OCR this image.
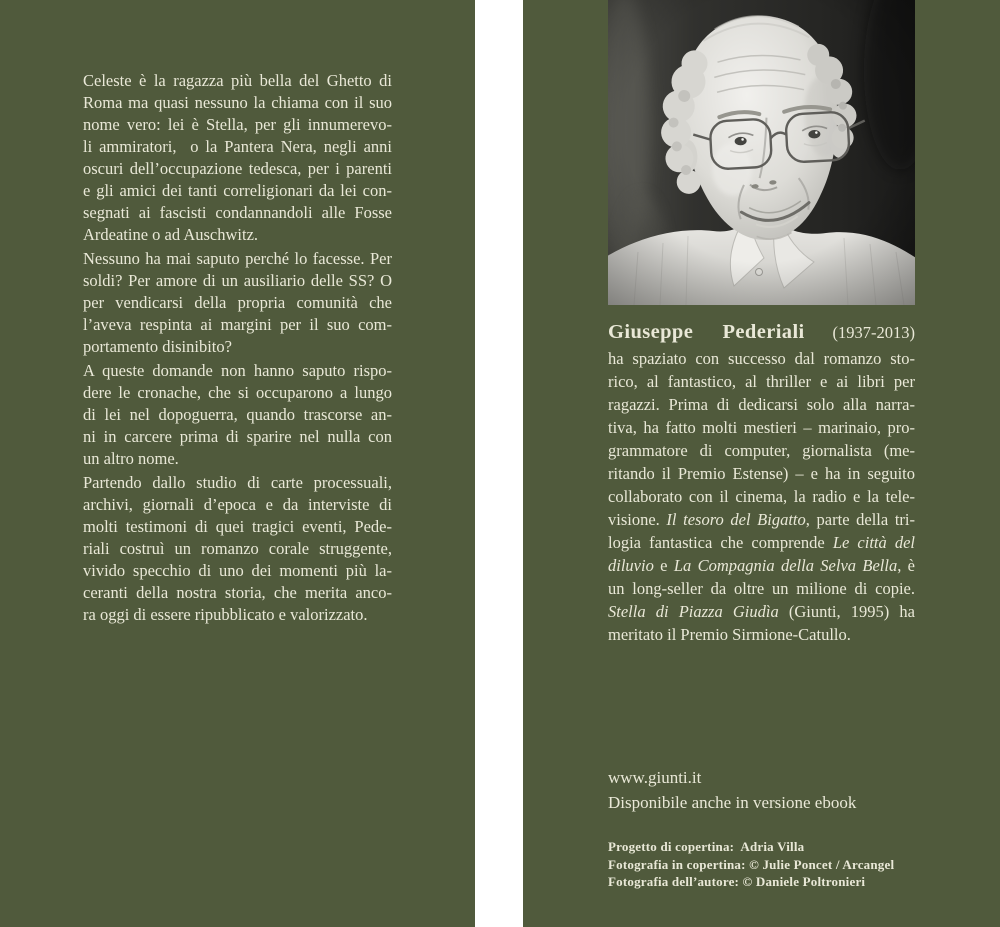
Celeste è la ragazza più bella del Ghetto di
Roma ma quasi nessuno la chiama con il suo
nome vero: lei è Stella, per gli innumerevo-
li ammiratori,  o la Pantera Nera, negli anni
oscuri dell’occupazione tedesca, per i parenti
e gli amici dei tanti correligionari da lei con-
segnati ai fascisti condannandoli alle Fosse
Ardeatine o ad Auschwitz.
Nessuno ha mai saputo perché lo facesse. Per
soldi? Per amore di un ausiliario delle SS? O
per vendicarsi della propria comunità che
l’aveva respinta ai margini per il suo com-
portamento disinibito?
A queste domande non hanno saputo rispo-
dere le cronache, che si occuparono a lungo
di lei nel dopoguerra, quando trascorse an-
ni in carcere prima di sparire nel nulla con
un altro nome.
Partendo dallo studio di carte processuali,
archivi, giornali d’epoca e da interviste di
molti testimoni di quei tragici eventi, Pede-
riali costruì un romanzo corale struggente,
vivido specchio di uno dei momenti più la-
ceranti della nostra storia, che merita anco-
ra oggi di essere ripubblicato e valorizzato.
Giuseppe Pederiali (1937-2013)
ha spaziato con successo dal romanzo sto-
rico, al fantastico, al thriller e ai libri per
ragazzi. Prima di dedicarsi solo alla narra-
tiva, ha fatto molti mestieri – marinaio, pro-
grammatore di computer, giornalista (me-
ritando il Premio Estense) – e ha in seguito
collaborato con il cinema, la radio e la tele-
visione. Il tesoro del Bigatto, parte della tri-
logia fantastica che comprende Le città del
diluvio e La Compagnia della Selva Bella, è
un long-seller da oltre un milione di copie.
Stella di Piazza Giudìa (Giunti, 1995) ha
meritato il Premio Sirmione-Catullo.
www.giunti.it
Disponibile anche in versione ebook
Progetto di copertina:  Adria Villa
Fotografia in copertina: © Julie Poncet / Arcangel
Fotografia dell’autore: © Daniele Poltronieri
